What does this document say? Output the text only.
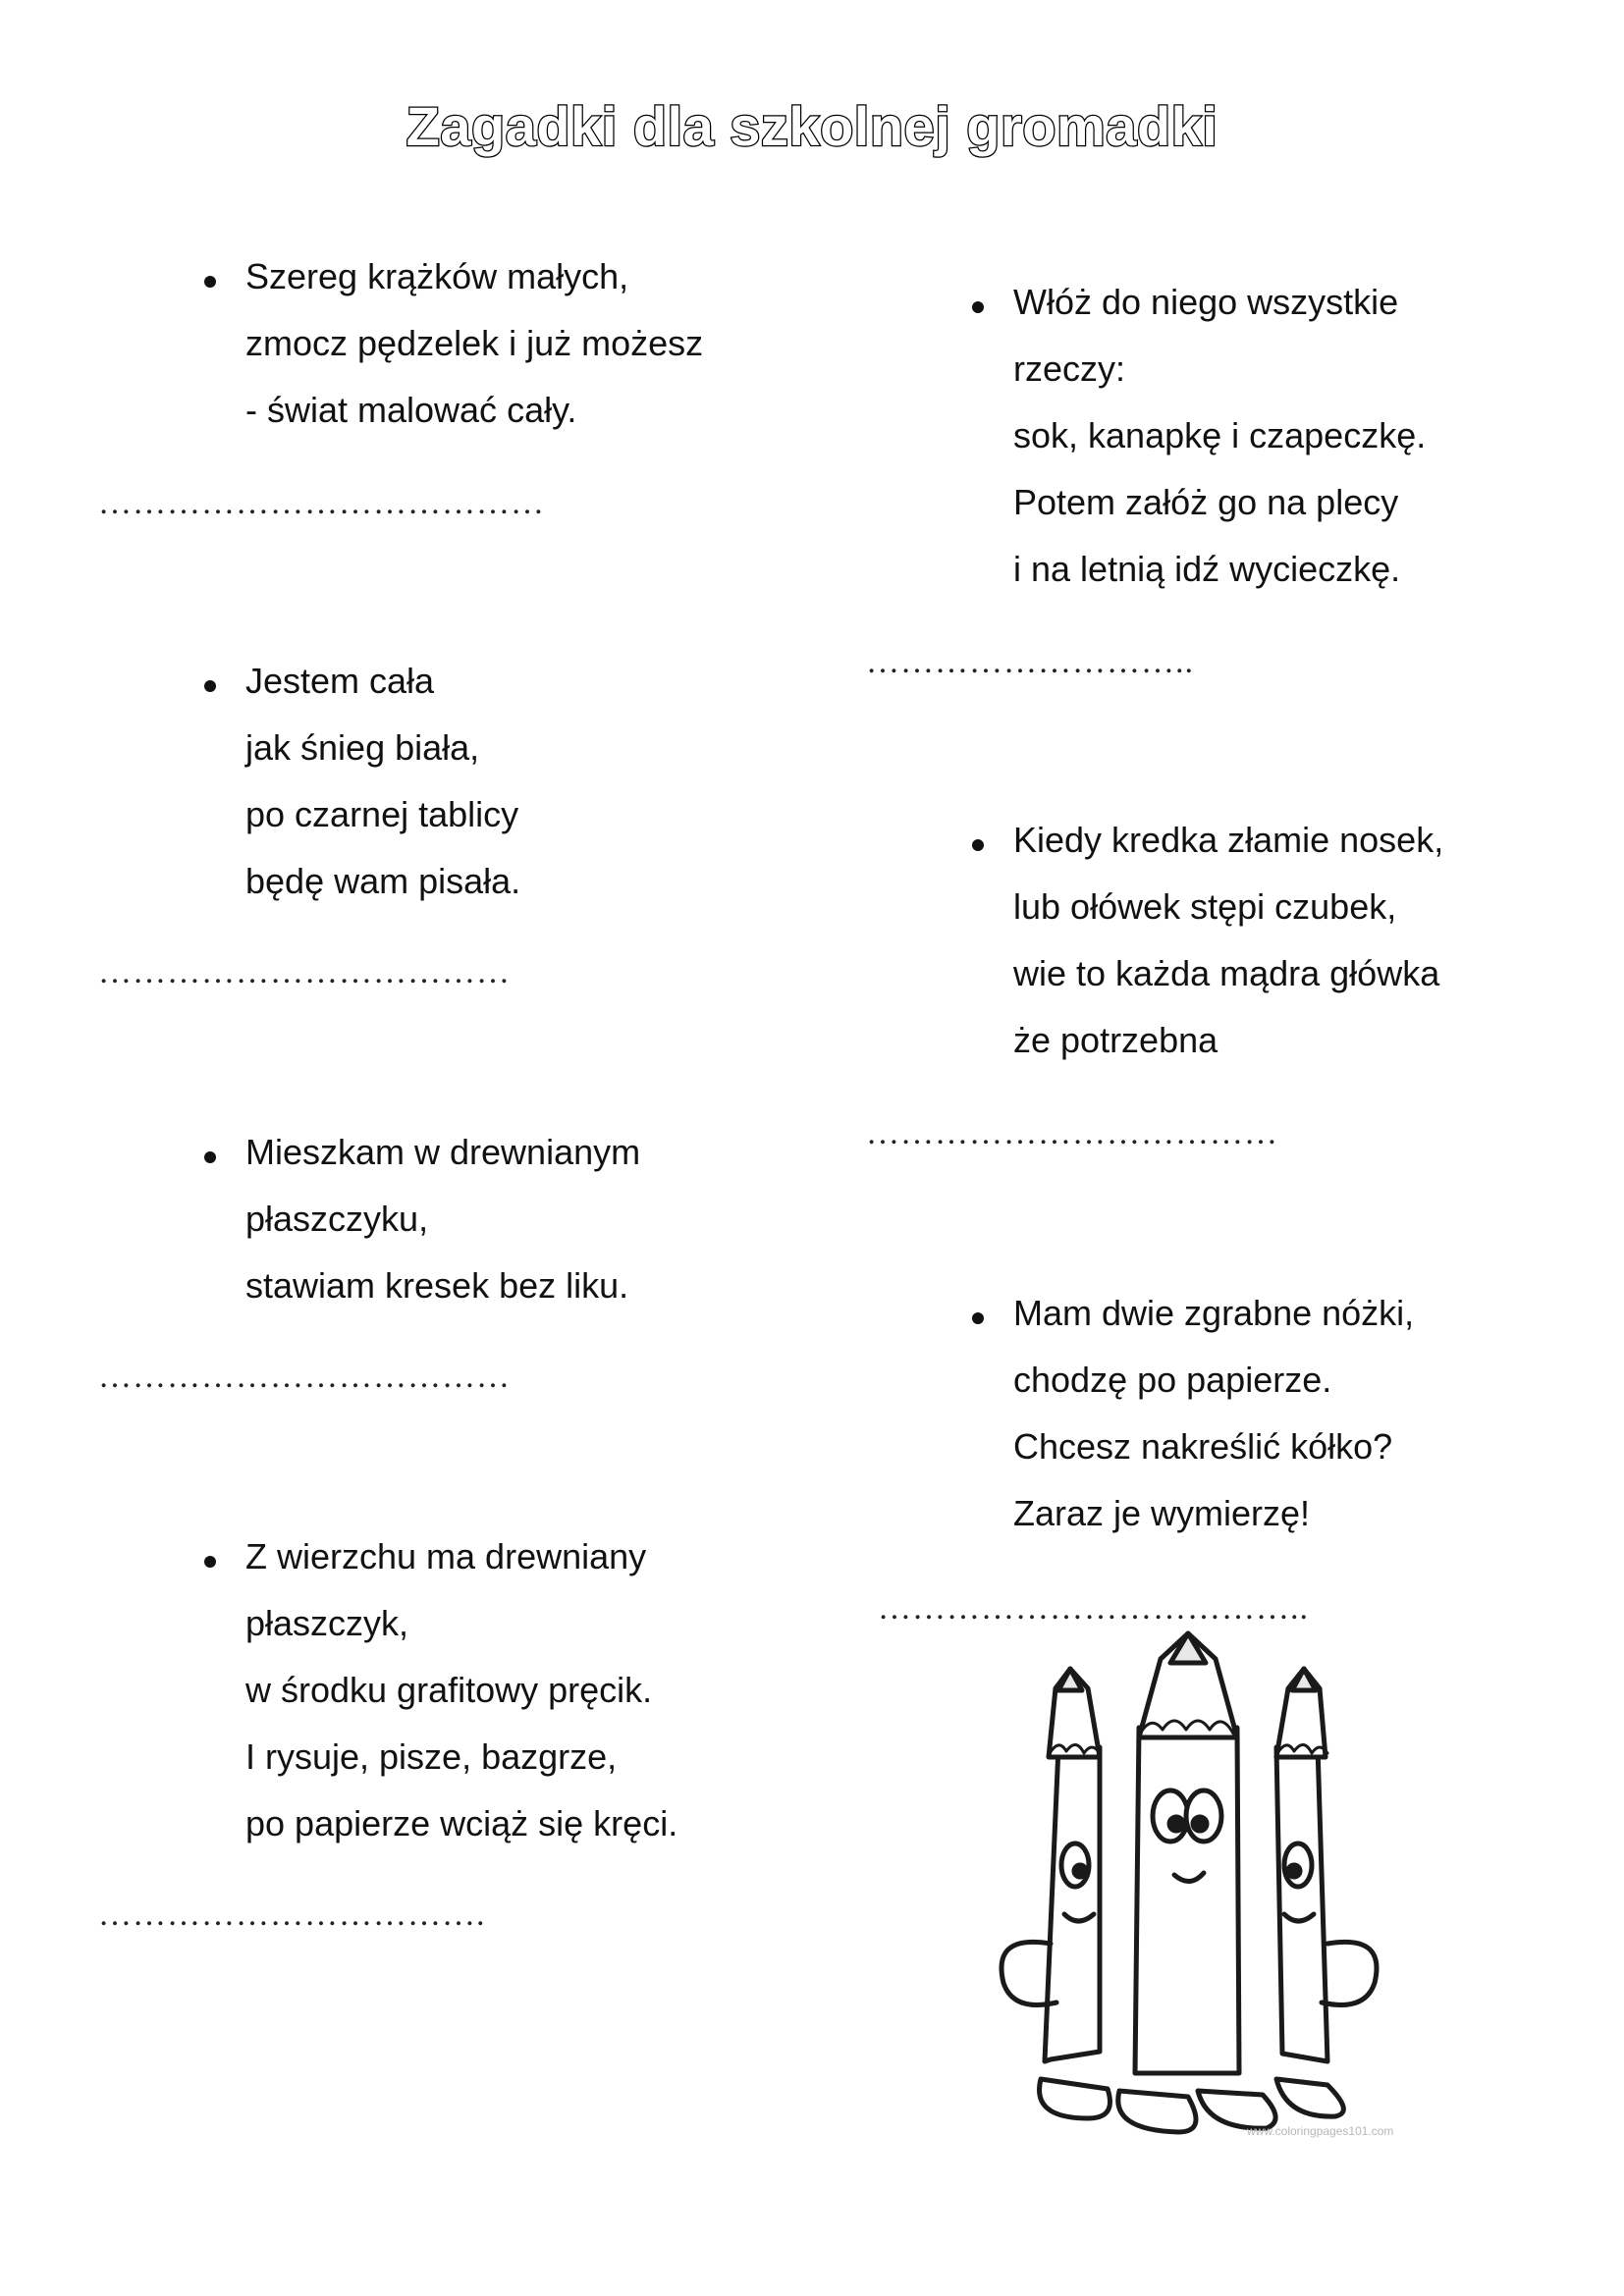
Zagadki dla szkolnej gromadki
Szereg krążków małych,
zmocz pędzelek i już możesz
- świat malować cały.
…………………………………
Jestem cała
jak śnieg biała,
po czarnej tablicy
będę wam pisała.
………………………………
Mieszkam w drewnianym
płaszczyku,
stawiam kresek bez liku.
………………………………
Z wierzchu ma drewniany
płaszczyk,
w środku grafitowy pręcik.
I rysuje, pisze, bazgrze,
po papierze wciąż się kręci.
…………………………….
Włóż do niego wszystkie
rzeczy:
sok, kanapkę i czapeczkę.
Potem załóż go na plecy
i na letnią idź wycieczkę.
………………………..
Kiedy kredka złamie nosek,
lub ołówek stępi czubek,
wie to każda mądra główka
że potrzebna
………………………………
Mam dwie zgrabne nóżki,
chodzę po papierze.
Chcesz nakreślić kółko?
Zaraz je wymierzę!
………………………………..
www.coloringpages101.com
